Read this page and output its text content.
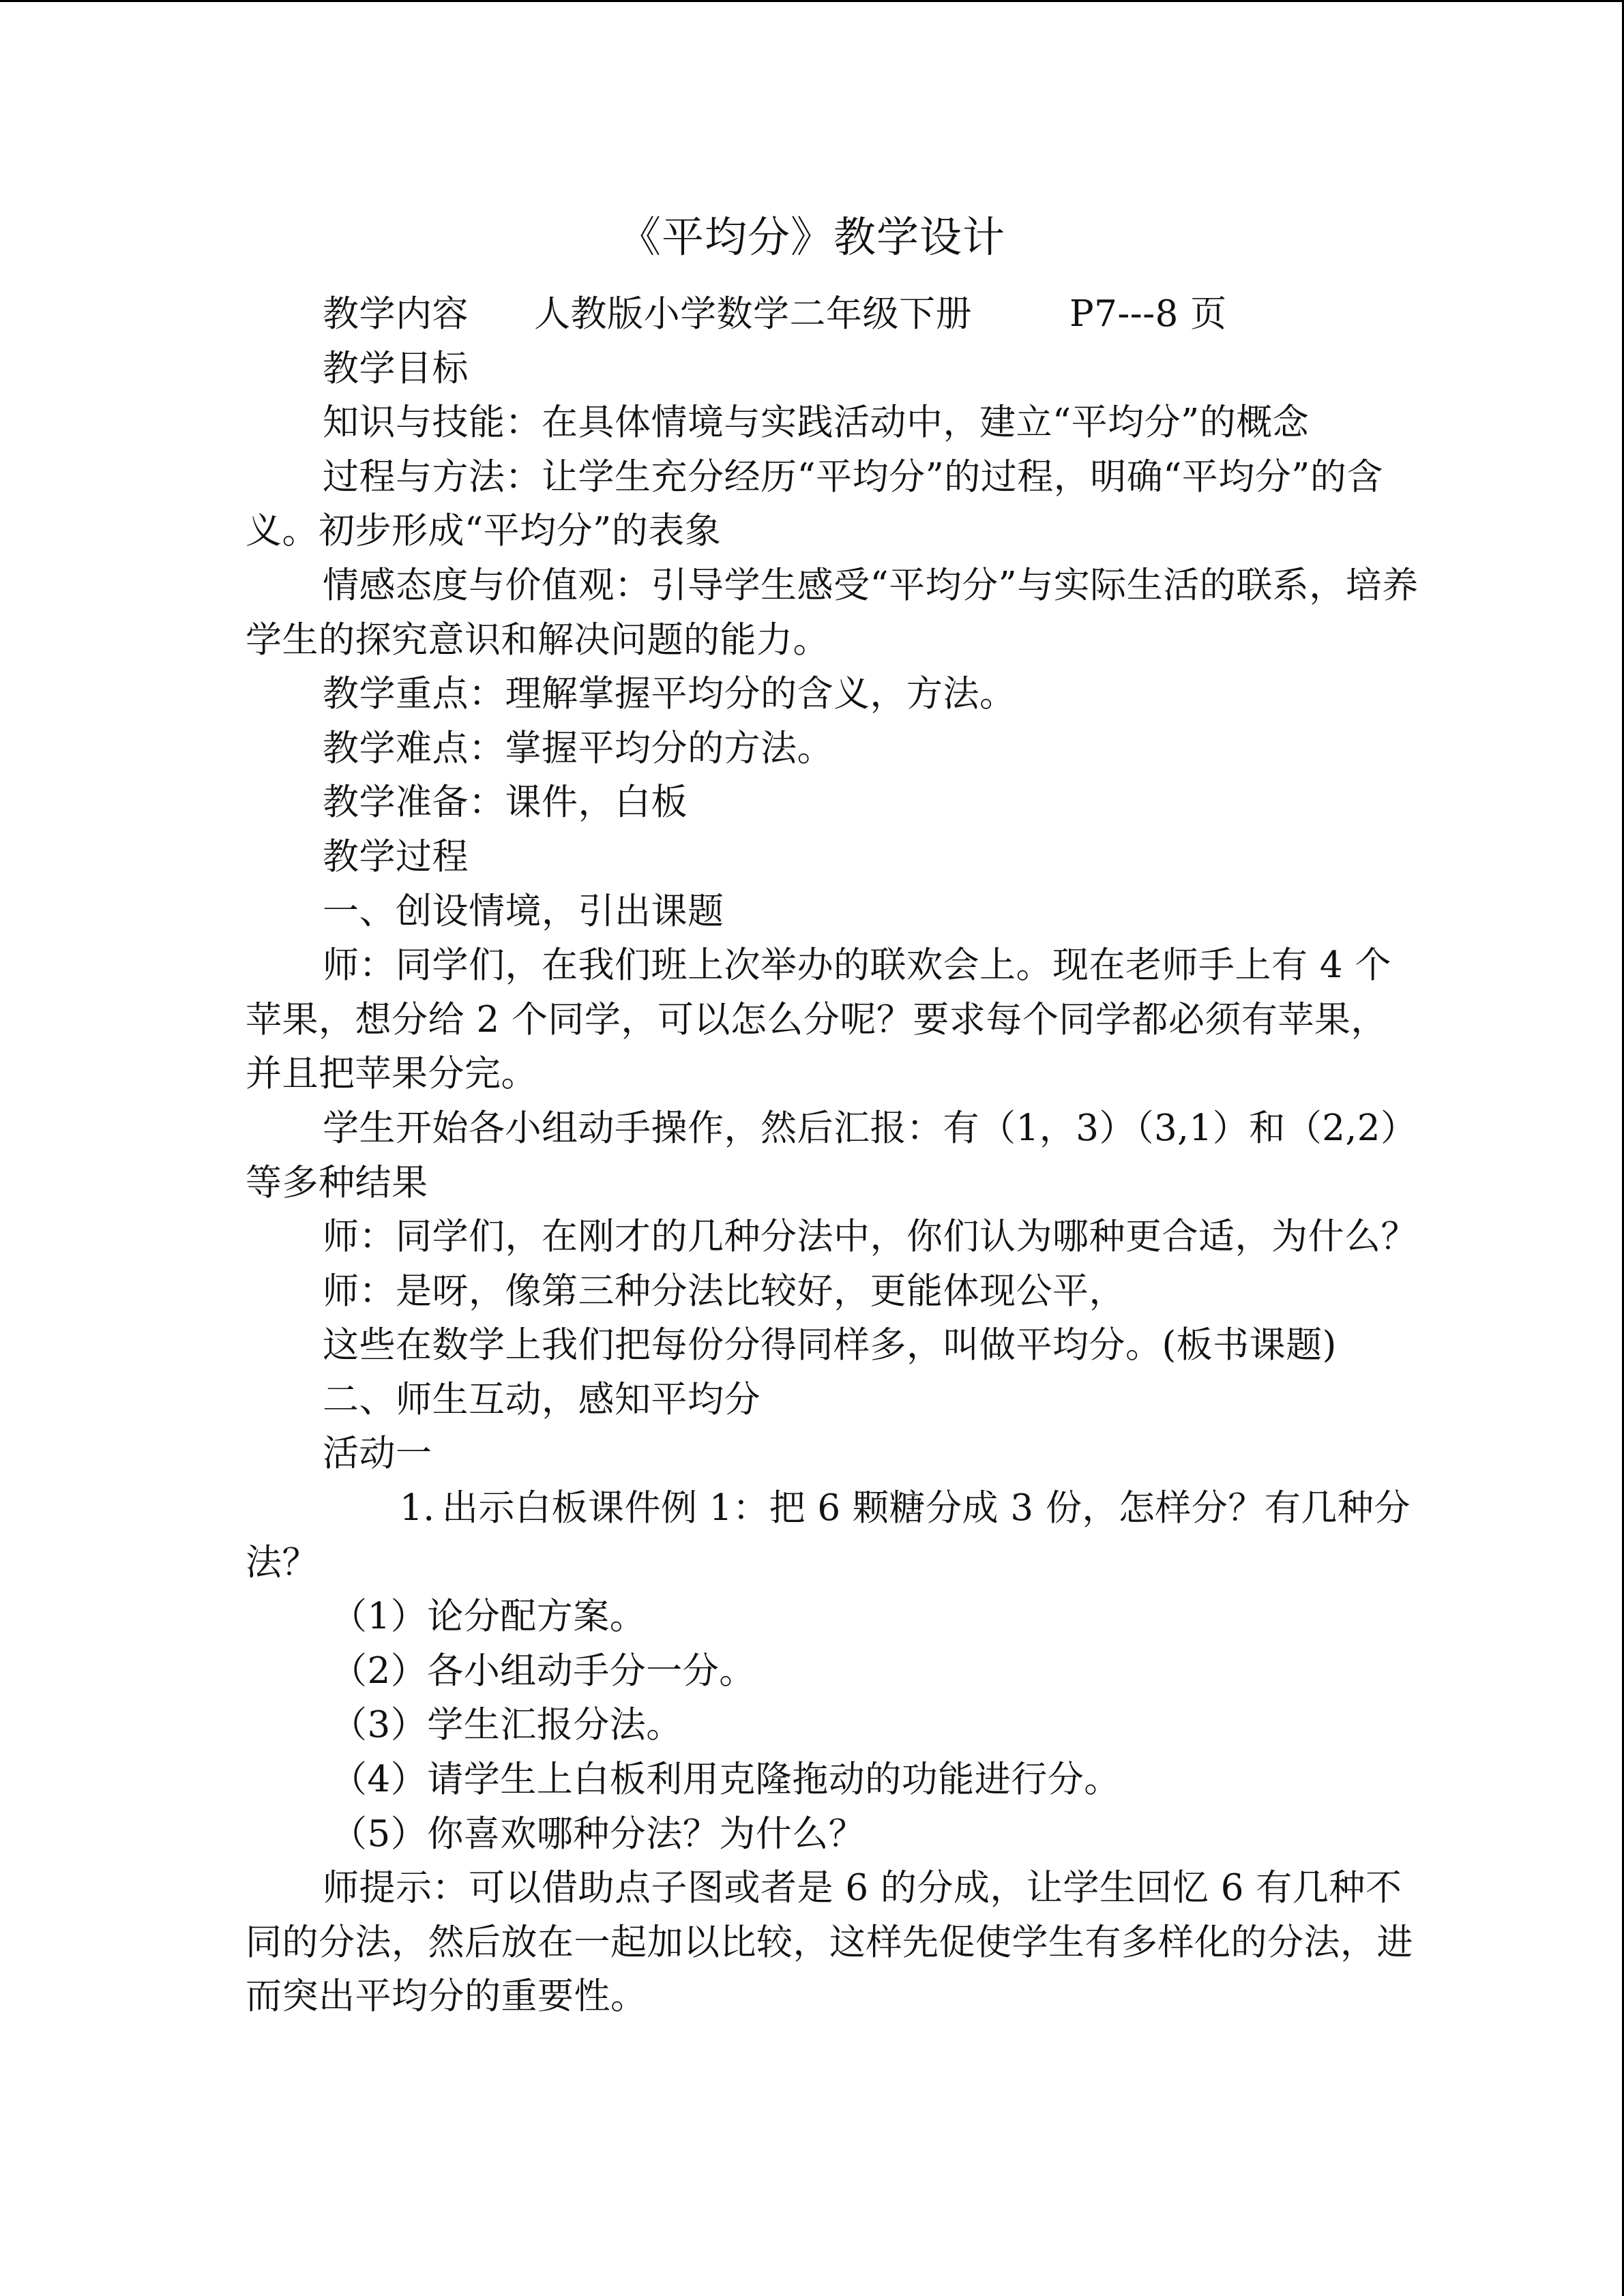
《平均分》教学设计
教学内容	人教版小学数学二年级下册	P7---8 页

教学目标

知识与技能：在具体情境与实践活动中，建立“平均分”的概念

过程与方法：让学生充分经历“平均分”的过程，明确“平均分”的含义。初步形成“平均分”的表象

情感态度与价值观：引导学生感受“平均分”与实际生活的联系，培养学生的探究意识和解决问题的能力。

教学重点：理解掌握平均分的含义，方法。

教学难点：掌握平均分的方法。

教学准备：课件，白板

教学过程

一、创设情境，引出课题

师：同学们，在我们班上次举办的联欢会上。现在老师手上有 4 个苹果，想分给 2 个同学，可以怎么分呢？要求每个同学都必须有苹果，并且把苹果分完。

学生开始各小组动手操作，然后汇报：有（1，3）（3,1）和（2,2）等多种结果

师：同学们，在刚才的几种分法中，你们认为哪种更合适，为什么？

师：是呀，像第三种分法比较好，更能体现公平，

这些在数学上我们把每份分得同样多，叫做平均分。(板书课题)

二、师生互动，感知平均分

活动一

1. 出示白板课件例 1：把 6 颗糖分成 3 份，怎样分？有几种分法？

（1）论分配方案。

（2）各小组动手分一分。

（3）学生汇报分法。

（4）请学生上白板利用克隆拖动的功能进行分。

（5）你喜欢哪种分法？为什么？

师提示：可以借助点子图或者是 6 的分成，让学生回忆 6 有几种不同的分法，然后放在一起加以比较，这样先促使学生有多样化的分法，进而突出平均分的重要性。
